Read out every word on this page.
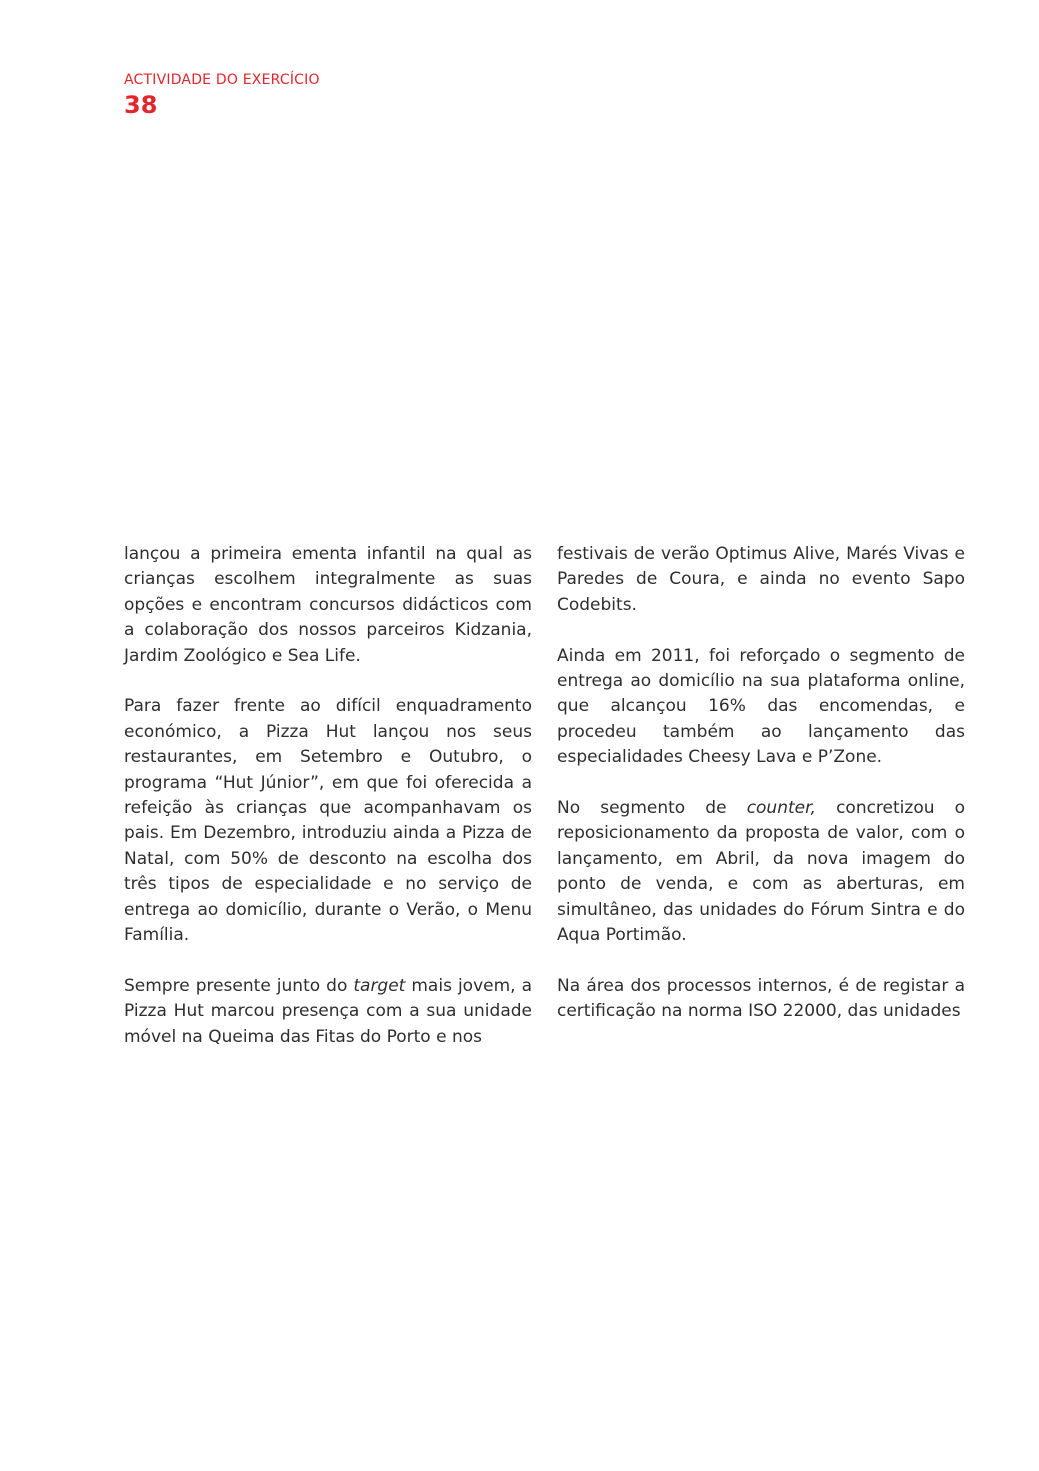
ACTIVIDADE DO EXERCÍCIO
38

lançou a primeira ementa infantil na qual as crianças escolhem integralmente as suas opções e encontram concursos didácticos com a colaboração dos nossos parceiros Kidzania, Jardim Zoológico e Sea Life.

Para fazer frente ao difícil enquadramento económico, a Pizza Hut lançou nos seus restaurantes, em Setembro e Outubro, o programa “Hut Júnior”, em que foi oferecida a refeição às crianças que acompanhavam os pais. Em Dezembro, introduziu ainda a Pizza de Natal, com 50% de desconto na escolha dos três tipos de especialidade e no serviço de entrega ao domicílio, durante o Verão, o Menu Família.

Sempre presente junto do target mais jovem, a Pizza Hut marcou presença com a sua unidade móvel na Queima das Fitas do Porto e nos

festivais de verão Optimus Alive, Marés Vivas e Paredes de Coura, e ainda no evento Sapo Codebits.

Ainda em 2011, foi reforçado o segmento de entrega ao domicílio na sua plataforma online, que alcançou 16% das encomendas, e procedeu também ao lançamento das especialidades Cheesy Lava e P’Zone.

No segmento de counter, concretizou o reposicionamento da proposta de valor, com o lançamento, em Abril, da nova imagem do ponto de venda, e com as aberturas, em simultâneo, das unidades do Fórum Sintra e do Aqua Portimão.

Na área dos processos internos, é de registar a certificação na norma ISO 22000, das unidades
